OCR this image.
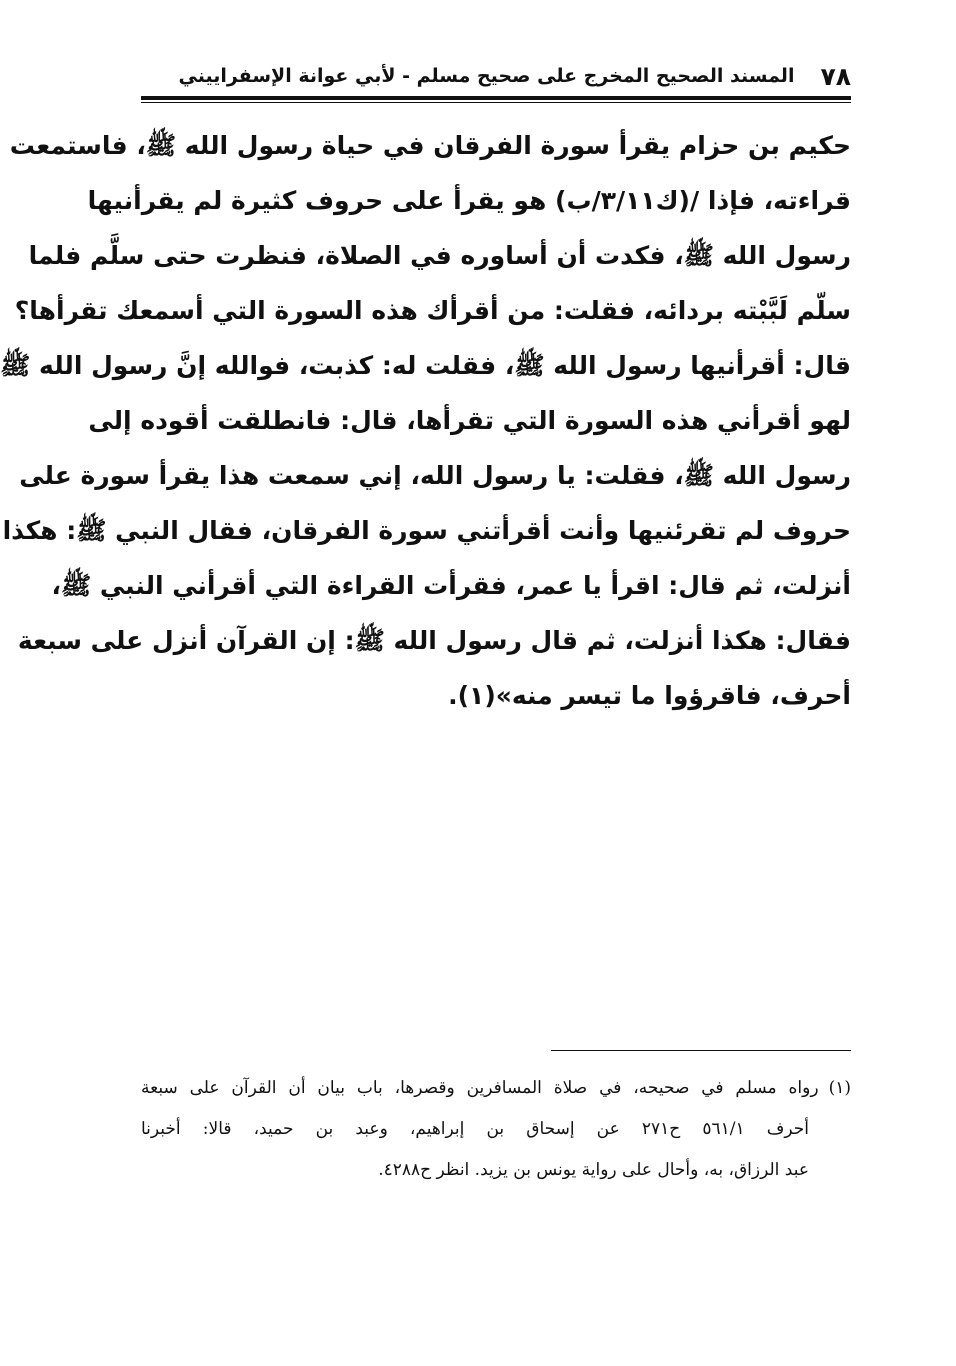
٧٨
المسند الصحيح المخرج على صحيح مسلم - لأبي عوانة الإسفراييني

حكيم بن حزام يقرأ سورة الفرقان في حياة رسول الله ﷺ، فاستمعت
قراءته، فإذا /(ك٣/١١/ب) هو يقرأ على حروف كثيرة لم يقرأنيها
رسول الله ﷺ، فكدت أن أساوره في الصلاة، فنظرت حتى سلَّم فلما
سلّم لَبَّبْته بردائه، فقلت: من أقرأك هذه السورة التي أسمعك تقرأها؟
قال: أقرأنيها رسول الله ﷺ، فقلت له: كذبت، فوالله إنَّ رسول الله ﷺ
لهو أقرأني هذه السورة التي تقرأها، قال: فانطلقت أقوده إلى
رسول الله ﷺ، فقلت: يا رسول الله، إني سمعت هذا يقرأ سورة على
حروف لم تقرئنيها وأنت أقرأتني سورة الفرقان، فقال النبي ﷺ: هكذا
أنزلت، ثم قال: اقرأ يا عمر، فقرأت القراءة التي أقرأني النبي ﷺ،
فقال: هكذا أنزلت، ثم قال رسول الله ﷺ: إن القرآن أنزل على سبعة
أحرف، فاقرؤوا ما تيسر منه»(١).

(١)رواه مسلم في صحيحه، في صلاة المسافرين وقصرها، باب بيان أن القرآن على سبعة
أحرف ٥٦١/١ ح٢٧١ عن إسحاق بن إبراهيم، وعبد بن حميد، قالا: أخبرنا
عبد الرزاق، به، وأحال على رواية يونس بن يزيد. انظر ح٤٢٨٨.
